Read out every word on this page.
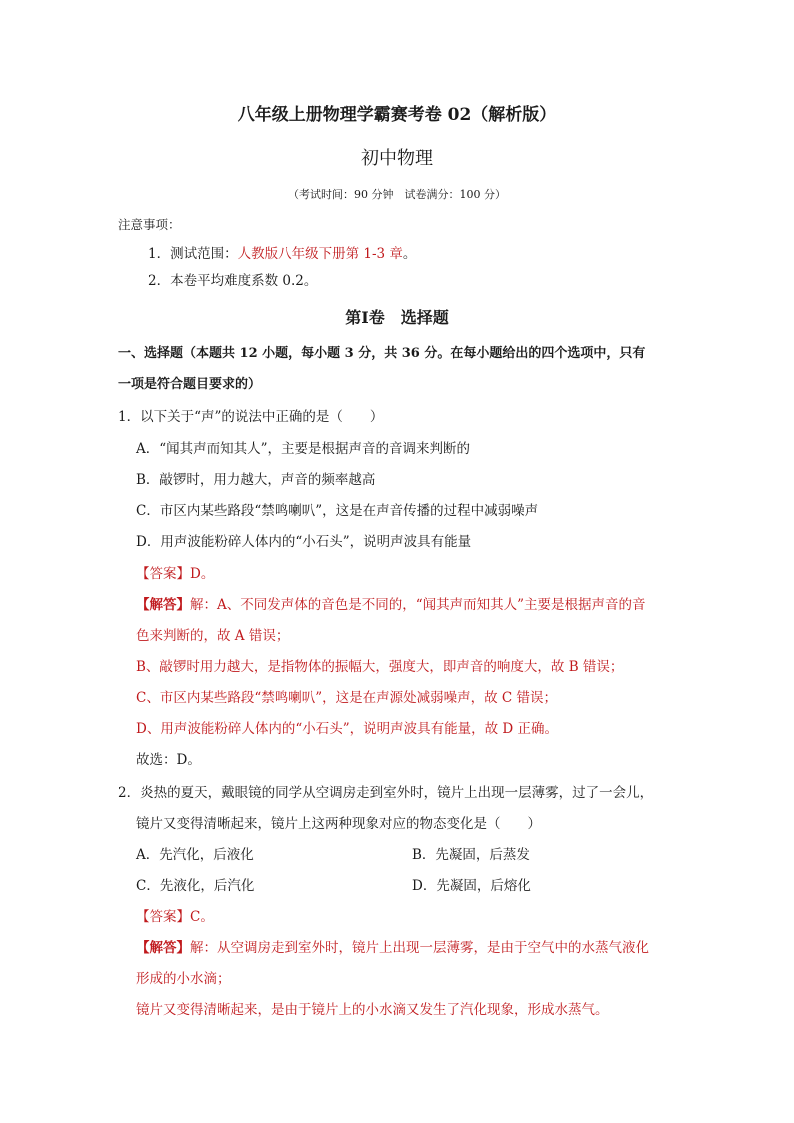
八年级上册物理学霸赛考卷 02（解析版）
初中物理
（考试时间：90 分钟　试卷满分：100 分）
注意事项：
1．测试范围：人教版八年级下册第 1-3 章。
2．本卷平均难度系数 0.2。
第Ⅰ卷　选择题
一、选择题（本题共 12 小题，每小题 3 分，共 36 分。在每小题给出的四个选项中，只有
一项是符合题目要求的）
1．以下关于“声”的说法中正确的是（　　）
A．“闻其声而知其人”，主要是根据声音的音调来判断的
B．敲锣时，用力越大，声音的频率越高
C．市区内某些路段“禁鸣喇叭”，这是在声音传播的过程中减弱噪声
D．用声波能粉碎人体内的“小石头”，说明声波具有能量
【答案】D。
【解答】解：A、不同发声体的音色是不同的，“闻其声而知其人”主要是根据声音的音
色来判断的，故 A 错误；
B、敲锣时用力越大，是指物体的振幅大，强度大，即声音的响度大，故 B 错误；
C、市区内某些路段“禁鸣喇叭”，这是在声源处减弱噪声，故 C 错误；
D、用声波能粉碎人体内的“小石头”，说明声波具有能量，故 D 正确。
故选：D。
2．炎热的夏天，戴眼镜的同学从空调房走到室外时，镜片上出现一层薄雾，过了一会儿，
镜片又变得清晰起来，镜片上这两种现象对应的物态变化是（　　）
A．先汽化，后液化	B．先凝固，后蒸发
C．先液化，后汽化	D．先凝固，后熔化
【答案】C。
【解答】解：从空调房走到室外时，镜片上出现一层薄雾，是由于空气中的水蒸气液化
形成的小水滴；
镜片又变得清晰起来，是由于镜片上的小水滴又发生了汽化现象，形成水蒸气。
